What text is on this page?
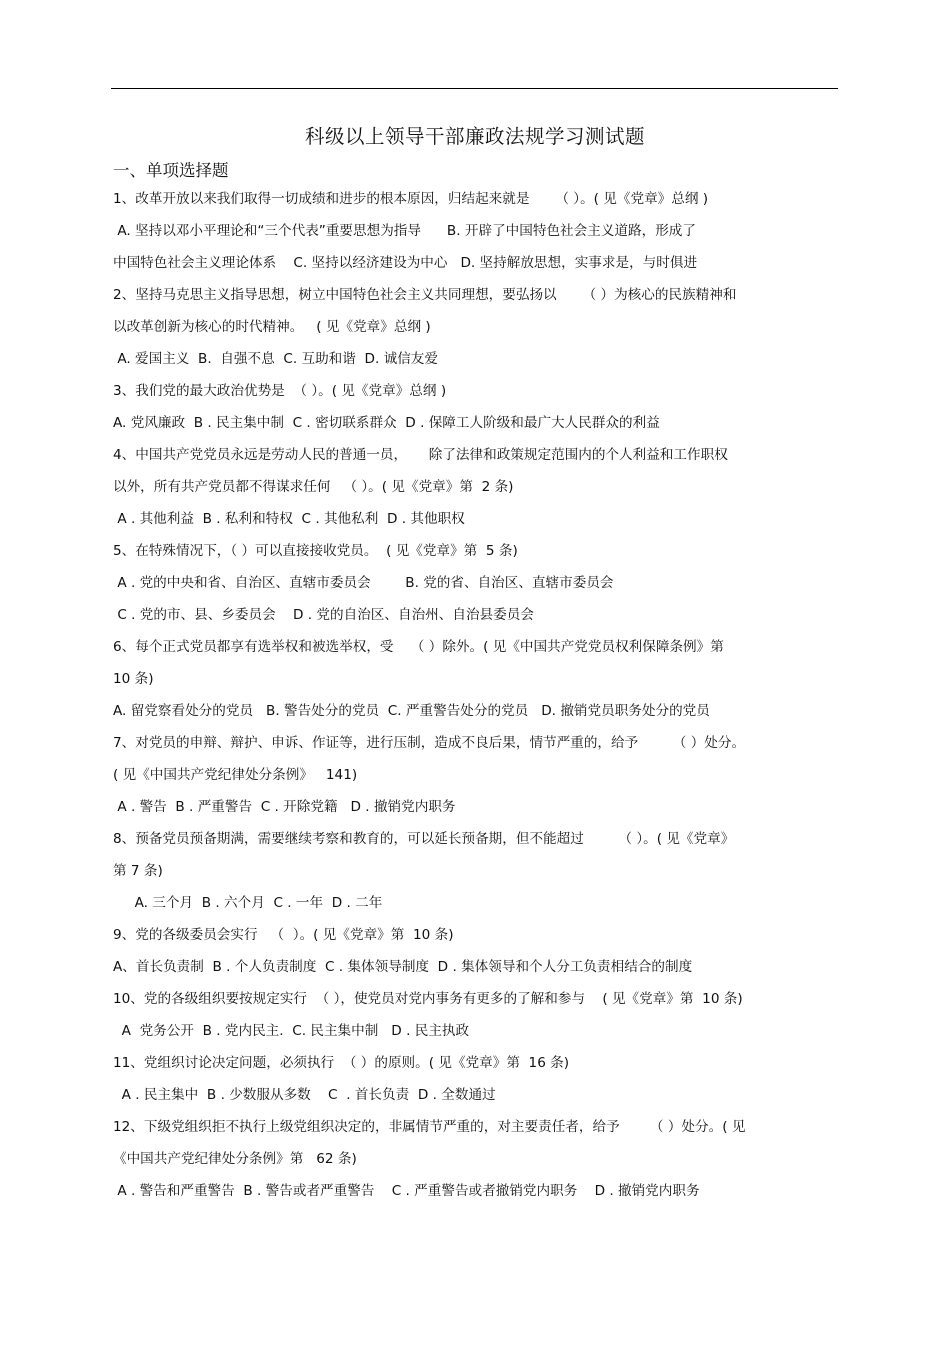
科级以上领导干部廉政法规学习测试题
一、单项选择题
1、改革开放以来我们取得一切成绩和进步的根本原因，归结起来就是      （ ）。( 见《党章》总纲 )
A. 坚持以邓小平理论和“三个代表”重要思想为指导      B. 开辟了中国特色社会主义道路，形成了
中国特色社会主义理论体系    C. 坚持以经济建设为中心   D. 坚持解放思想，实事求是，与时俱进
2、坚持马克思主义指导思想，树立中国特色社会主义共同理想，要弘扬以      （ ）为核心的民族精神和
以改革创新为核心的时代精神。   ( 见《党章》总纲 )
A. 爱国主义  B.  自强不息  C. 互助和谐  D. 诚信友爱
3、我们党的最大政治优势是  （ ）。( 见《党章》总纲 )
A. 党风廉政  B . 民主集中制  C . 密切联系群众  D . 保障工人阶级和最广大人民群众的利益
4、中国共产党党员永远是劳动人民的普通一员，     除了法律和政策规定范围内的个人利益和工作职权
以外，所有共产党员都不得谋求任何   （ ）。( 见《党章》第  2 条)
A . 其他利益  B . 私利和特权  C . 其他私利  D . 其他职权
5、在特殊情况下，（ ）可以直接接收党员。  ( 见《党章》第  5 条)
A . 党的中央和省、自治区、直辖市委员会        B. 党的省、自治区、直辖市委员会
C . 党的市、县、乡委员会    D . 党的自治区、自治州、自治县委员会
6、每个正式党员都享有选举权和被选举权，受    （ ）除外。( 见《中国共产党党员权利保障条例》第
10 条)
A. 留党察看处分的党员   B. 警告处分的党员  C. 严重警告处分的党员   D. 撤销党员职务处分的党员
7、对党员的申辩、辩护、申诉、作证等，进行压制，造成不良后果，情节严重的，给予        （ ）处分。
( 见《中国共产党纪律处分条例》   141)
A . 警告  B . 严重警告  C . 开除党籍   D . 撤销党内职务
8、预备党员预备期满，需要继续考察和教育的，可以延长预备期，但不能超过        （ ）。( 见《党章》
第 7 条)
A. 三个月  B . 六个月  C . 一年  D . 二年
9、党的各级委员会实行   （  ）。( 见《党章》第  10 条)
A、首长负责制  B . 个人负责制度  C . 集体领导制度  D . 集体领导和个人分工负责相结合的制度
10、党的各级组织要按规定实行  （ ），使党员对党内事务有更多的了解和参与    ( 见《党章》第  10 条)
A  党务公开  B . 党内民主.  C. 民主集中制   D . 民主执政
11、党组织讨论决定问题，必须执行  （ ）的原则。( 见《党章》第  16 条)
A . 民主集中  B . 少数服从多数    C  . 首长负责  D . 全数通过
12、下级党组织拒不执行上级党组织决定的，非属情节严重的，对主要责任者，给予       （ ）处分。( 见
《中国共产党纪律处分条例》第   62 条)
A . 警告和严重警告  B . 警告或者严重警告    C . 严重警告或者撤销党内职务    D . 撤销党内职务
